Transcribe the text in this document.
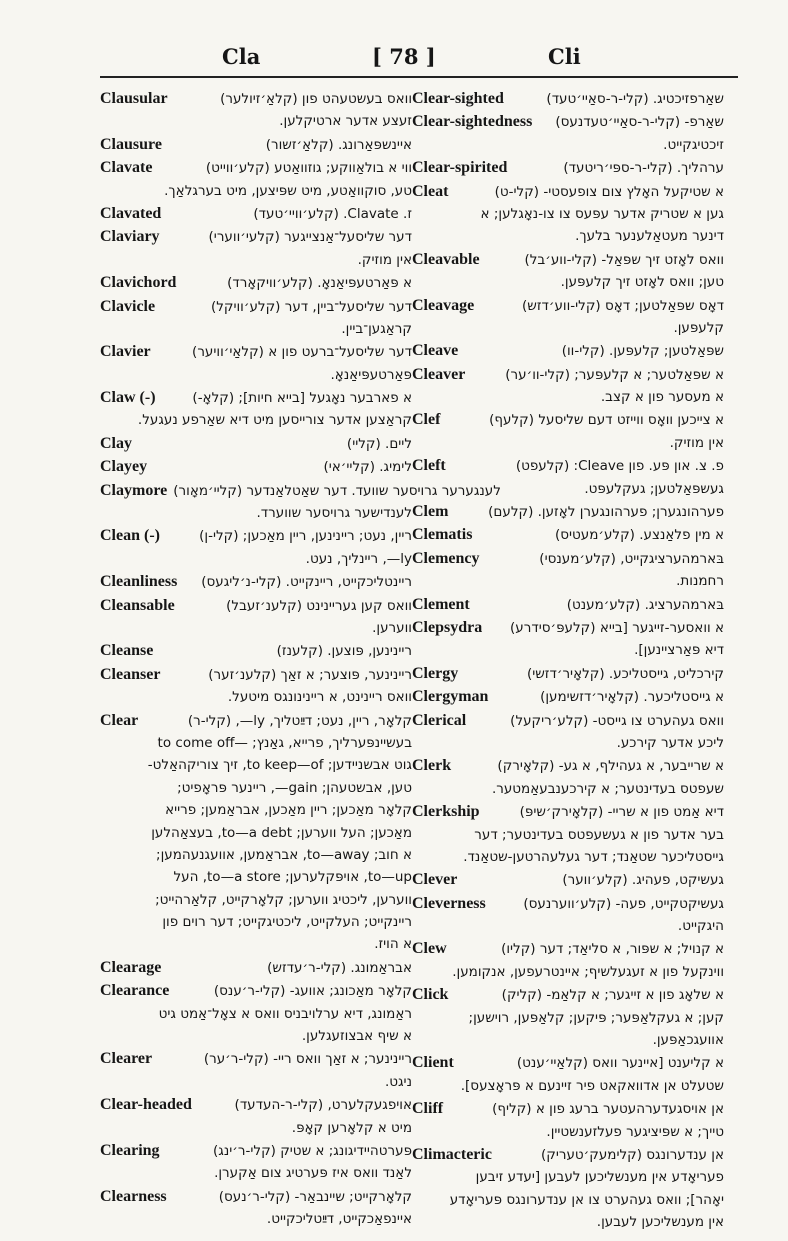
Cla	[ 78 ]	Cli
Clausular	וואס בעשטעהט פון (קלאַ׳זיולער)
זעצע אדער ארטיקלען.
Clausure	איינשפּאַרונג. (קלאַ׳זשור)
Clavate	ווי א בולאַווקע; גוזוואַטע (קלע׳ווייט)
טע, סוקוואַטע, מיט שפּיצען, מיט בערגלאַך.
Clavated	ז. Clavate. (קלע׳וויי׳טעד)
Claviary	דער שליסעל־אַנצייגער (קלעי׳ווערי)
אין מוזיק.
Clavichord	א פּאַרטעפּיאַנאָ. (קלע׳וויקאָרד)
Clavicle	דער שליסעל־ביין, דער (קלע׳וויקל)
קראַגען־ביין.
Clavier	דער שליסעל־ברעט פון א (קלאַי׳וויער)
פּאַרטעפּיאַנאָ.
Claw (-)	א פארבער נאָגעל [בייא חיות]; (קלאָ-)
קראַצען אדער צורייסען מיט דיא שאַרפע נעגעל.
Clay	ליים. (קליי)
Clayey	לימיג. (קליי׳אי)
Claymore לענגערער גרויסער שוועד. דער שאַטלאַנדער (קליי׳מאָור)
לענדישער גרויסער שווערד.
Clean (-)	ריין, נעט; ריינינען, ריין מאַכען; (קלי-ן)
ly—, ריינליך, נעט.
Cleanliness	ריינטליכקייט, ריינקייט. (קלי-נ׳ליגעס)
Cleansable	וואס קען געריינינט (קלענ׳זעבל)
ווערען.
Cleanse	ריינינען, פּוצען. (קלענז)
Cleanser	ריינינער, פּוצער; א זאַך (קלענ׳זער)
וואס ריינינט, א ריינינונגס מיטעל.
Clear	קלאָר, ריין, נעט; דײַטליך, ly—, (קלי-ר)
בעשיינפּערליך, פרייא, גאַנץ; —to come off
גוט אבשניידען; to keep—of, זיך צוריקהאַלט-
טען, אבשטעהן; gain—, ריינער פּראָפיט;
קלאָר מאַכען; ריין מאַכען, אבראַמען; פרייא
מאַכען; העל ווערען; to—a debt, בעצאַהלען
א חוב; to—away, אבראַמען, אוועגנעהמען;
to—up, אויפּקלערען; to—a store, העל
ווערען, ליכטיג ווערען; קלאָרקייט, קלאַרהייט;
ריינקייט; העלקייט, ליכטיגקייט; דער רוים פון
א הויז.
Clearage	אבראַמונג. (קלי-ר׳עדזש)
Clearance	קלאָר מאַכונג; אוועג- (קלי-ר׳ענס)
ראַמונג, דיא ערלויבניס וואס א צאָל־אַמט גיט
א שיף אבצוזעגלען.
Clearer	ריינינער; א זאַך וואס ריי- (קלי-ר׳ער)
ניגט.
Clear-headed	אויפגעקלערט, (קלי-ר-העדעד)
מיט א קלאָרען קאָפּ.
Clearing	פּערטהיידיגונג; א שטיק (קלי-ר׳ינג)
לאַנד וואס איז פּערטיג צום אַקערן.
Clearness	קלאָרקייט; שיינבאַר- (קלי-ר׳נעס)
איינפאַכקייט, דײַטליכקייט.
Clear-sighted	שאַרפזיכטיג. (קלי-ר-סאַיי׳טעד)
Clear-sightedness	שאַרפ- (קלי-ר-סאַיי׳טעדנעס)
זיכטיגקייט.
Clear-spirited	ערהליך. (קלי-ר-ספּי׳ריטעד)
Cleat	א שטיקעל האָלץ צום צופעסטי- (קלי-ט)
גען א שטריק אדער עפּעס צו צו-נאָגלען; א
דינער מעטאַלענער בלעך.
Cleavable	וואס לאָזט זיך שפּאַל- (קלי-ווע׳בל)
טען; וואס לאָזט זיך קלעפּען.
Cleavage	דאָס שפּאַלטען; דאָס (קלי-ווע׳דזש)
קלעפּען.
Cleave	שפּאַלטען; קלעפּען. (קלי-וו)
Cleaver	א שפּאַלטער; א קלעפּער; (קלי-וו׳ער)
א מעסער פון א קצב.
Clef	א צייכען וואָס ווייזט דעם שליסעל (קלעף)
אין מוזיק.
Cleft	פ. צ. און פּע. פון Cleave: (קלעפט)
געשפּאַלטען; געקלעפּט.
Clem	פערהונגערן; פערהונגערן לאָזען. (קלעם)
Clematis	א מין פלאַנצע. (קלע׳מעטיס)
Clemency	בּארמהערציגקייט, (קלע׳מענסי)
רחמנות.
Clement	בּארמהערציג. (קלע׳מענט)
Clepsydra	א וואסער-זייגער [בייא (קלעפּ׳סידרע)
דיא פּאַרציינען].
Clergy	קירכליט, גייסטליכע. (קלאָיר׳דזשי)
Clergyman	א גייסטליכער. (קלאָיר׳דזשימען)
Clerical	וואס געהערט צו גייסט- (קלע׳ריקעל)
ליכע אדער קירכע.
Clerk	א שרייבער, א געהילף, א גע- (קלאָירק)
שעפטס בעדינטער; א קירכענבעאַמטער.
Clerkship	דיא אַמט פון א שריי- (קלאָירק׳שיפּ)
בער אדער פון א געשעפטס בעדינטער; דער
גייסטליכער שטאַנד; דער געלעהרטען-שטאַנד.
Clever	געשיקט, פעהיג. (קלע׳ווער)
Cleverness	געשיקטקייט, פעה- (קלע׳ווערנעס)
היגקייט.
Clew	א קנויל; א שפּור, א סליאַד; דער (קליו)
ווינקעל פון א זעגעלשיף; איינטרעפען, אנקומען.
Click	א שלאָג פון א זייגער; א קלאַמ- (קליק)
קען; א געקלאַפּער; פּיקען; קלאַפּען, רוישען;
אוועגכאַפּען.
Client	א קליענט [איינער וואס (קלאַיי׳ענט)
שטעלט אן אדוואקאט פיר זיינעם א פּראָצעס].
Cliff	אן אויסגעדערהעטער ברעג פון א (קליף)
טייך; א שפּיציגער פעלזענשטיין.
Climacteric	אן ענדערונגס (קלימעק׳טעריק)
פעריאָדע אין מענשליכען לעבען [יעדע זיבען
יאָהר]; וואס געהערט צו אן ענדערונגס פּעריאָדע
אין מענשליכען לעבען.
